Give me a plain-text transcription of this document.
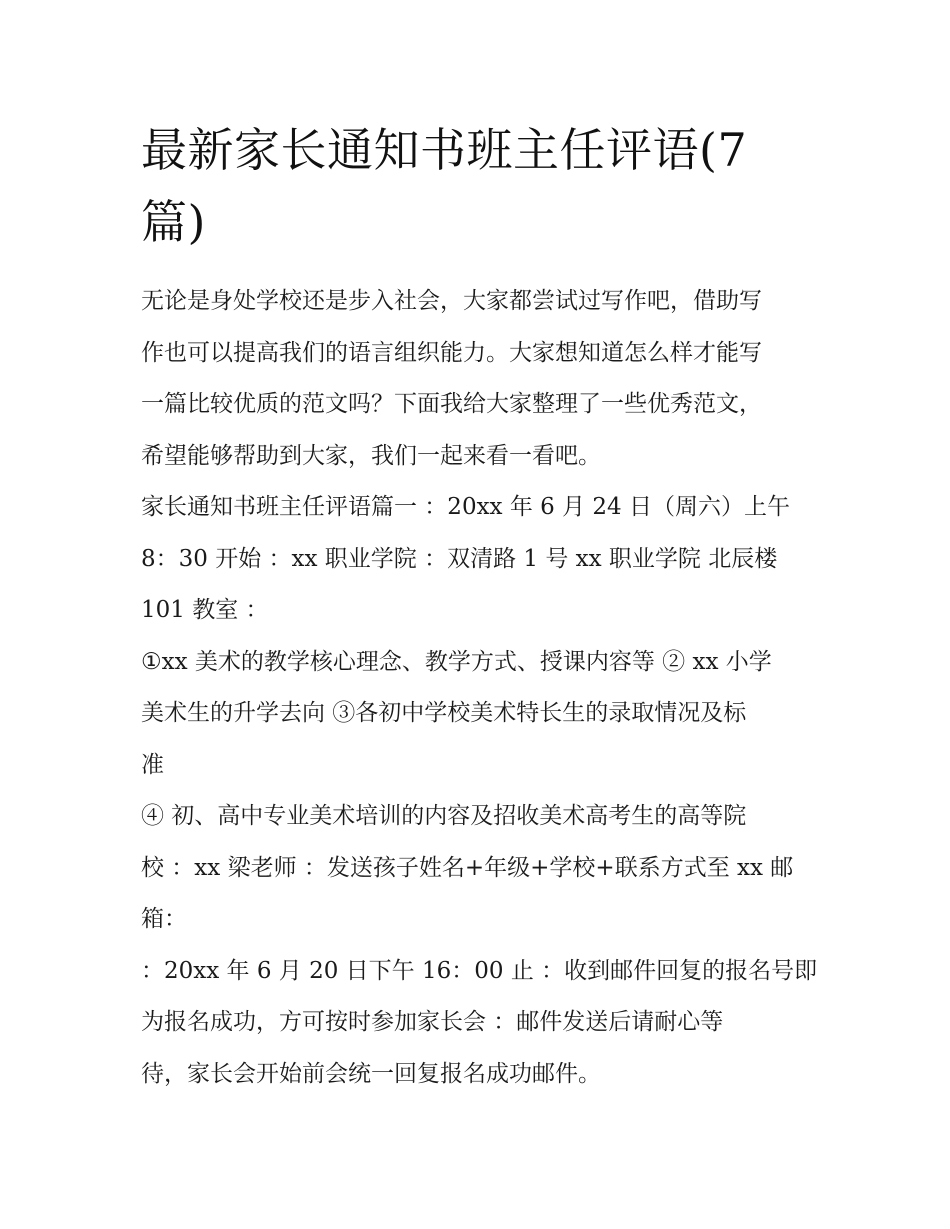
最新家长通知书班主任评语(7
篇)
无论是身处学校还是步入社会，大家都尝试过写作吧，借助写
作也可以提高我们的语言组织能力。大家想知道怎么样才能写
一篇比较优质的范文吗？下面我给大家整理了一些优秀范文，
希望能够帮助到大家，我们一起来看一看吧。
家长通知书班主任评语篇一 ：20xx 年 6 月 24 日（周六）上午
8：30 开始 ：xx 职业学院 ：双清路 1 号 xx 职业学院 北辰楼
101 教室 ：
①xx 美术的教学核心理念、教学方式、授课内容等 ② xx 小学
美术生的升学去向 ③各初中学校美术特长生的录取情况及标
准
④ 初、高中专业美术培训的内容及招收美术高考生的高等院
校 ：xx 梁老师 ：发送孩子姓名+年级+学校+联系方式至 xx 邮
箱：
：20xx 年 6 月 20 日下午 16：00 止 ：收到邮件回复的报名号即
为报名成功，方可按时参加家长会 ：邮件发送后请耐心等
待，家长会开始前会统一回复报名成功邮件。
